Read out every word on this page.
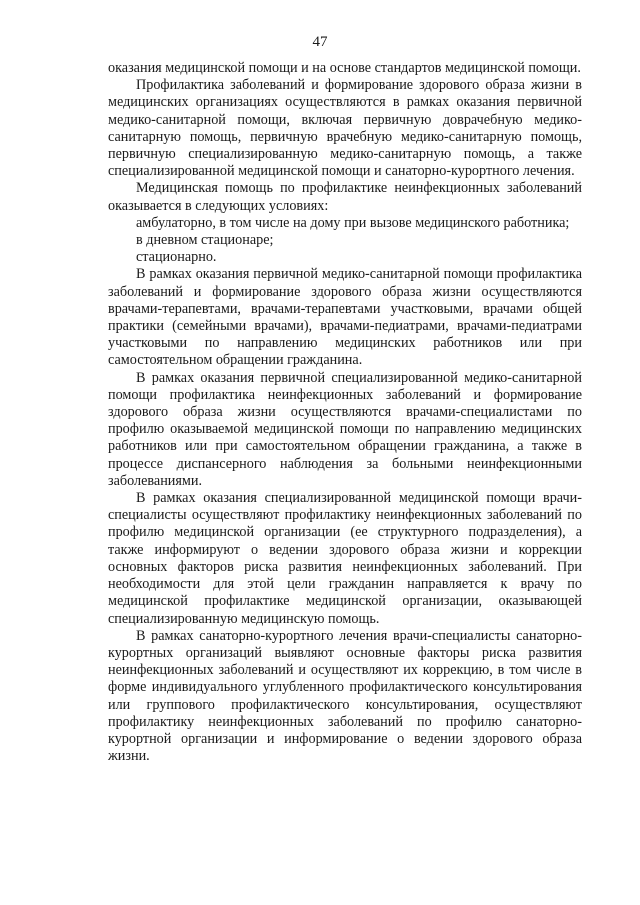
47

оказания медицинской помощи и на основе стандартов медицинской помощи.

Профилактика заболеваний и формирование здорового образа жизни в медицинских организациях осуществляются в рамках оказания первичной медико-санитарной помощи, включая первичную доврачебную медико-санитарную помощь, первичную врачебную медико-санитарную помощь, первичную специализированную медико-санитарную помощь, а также специализированной медицинской помощи и санаторно-курортного лечения.

Медицинская помощь по профилактике неинфекционных заболеваний оказывается в следующих условиях:

амбулаторно, в том числе на дому при вызове медицинского работника;

в дневном стационаре;

стационарно.

В рамках оказания первичной медико-санитарной помощи профилактика заболеваний и формирование здорового образа жизни осуществляются врачами-терапевтами, врачами-терапевтами участковыми, врачами общей практики (семейными врачами), врачами-педиатрами, врачами-педиатрами участковыми по направлению медицинских работников или при самостоятельном обращении гражданина.

В рамках оказания первичной специализированной медико-санитарной помощи профилактика неинфекционных заболеваний и формирование здорового образа жизни осуществляются врачами-специалистами по профилю оказываемой медицинской помощи по направлению медицинских работников или при самостоятельном обращении гражданина, а также в процессе диспансерного наблюдения за больными неинфекционными заболеваниями.

В рамках оказания специализированной медицинской помощи врачи-специалисты осуществляют профилактику неинфекционных заболеваний по профилю медицинской организации (ее структурного подразделения), а также информируют о ведении здорового образа жизни и коррекции основных факторов риска развития неинфекционных заболеваний. При необходимости для этой цели гражданин направляется к врачу по медицинской профилактике медицинской организации, оказывающей специализированную медицинскую помощь.

В рамках санаторно-курортного лечения врачи-специалисты санаторно-курортных организаций выявляют основные факторы риска развития неинфекционных заболеваний и осуществляют их коррекцию, в том числе в форме индивидуального углубленного профилактического консультирования или группового профилактического консультирования, осуществляют профилактику неинфекционных заболеваний по профилю санаторно-курортной организации и информирование о ведении здорового образа жизни.
